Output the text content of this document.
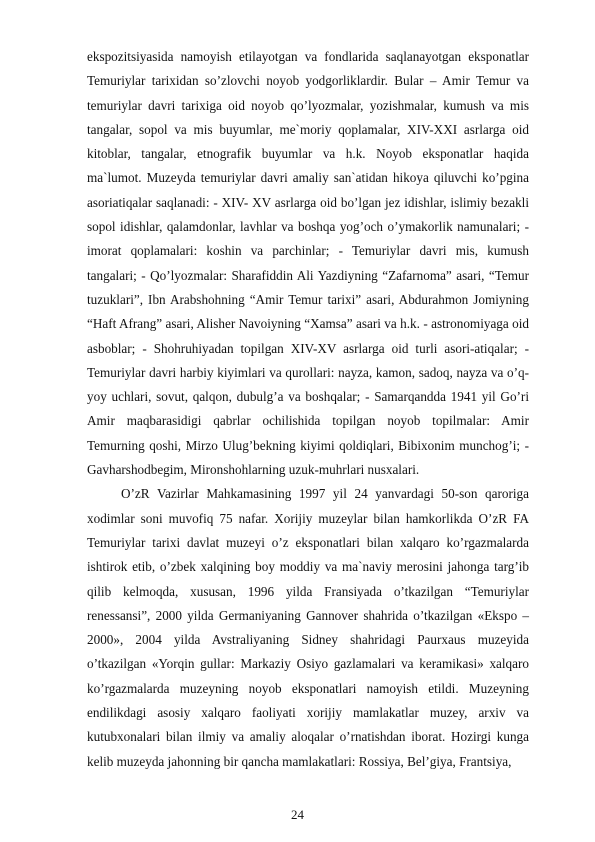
ekspozitsiyasida namoyish etilayotgan va fondlarida saqlanayotgan eksponatlar Temuriylar tarixidan so’zlovchi noyob yodgorliklardir. Bular – Amir Temur va temuriylar davri tarixiga oid noyob qo’lyozmalar, yozishmalar, kumush va mis tangalar, sopol va mis buyumlar, me`moriy qoplamalar, XIV-XXI asrlarga oid kitoblar, tangalar, etnografik buyumlar va h.k. Noyob eksponatlar haqida ma`lumot. Muzeyda temuriylar davri amaliy san`atidan hikoya qiluvchi ko’pgina asoriatiqalar saqlanadi: - XIV- XV asrlarga oid bo’lgan jez idishlar, islimiy bezakli sopol idishlar, qalamdonlar, lavhlar va boshqa yog’och o’ymakorlik namunalari; - imorat qoplamalari: koshin va parchinlar; - Temuriylar davri mis, kumush tangalari; - Qo’lyozmalar: Sharafiddin Ali Yazdiyning “Zafarnoma” asari, “Temur tuzuklari”, Ibn Arabshohning “Amir Temur tarixi” asari, Abdurahmon Jomiyning “Haft Afrang” asari, Alisher Navoiyning “Xamsa” asari va h.k. - astronomiyaga oid asboblar; - Shohruhiyadan topilgan XIV-XV asrlarga oid turli asori-atiqalar; - Temuriylar davri harbiy kiyimlari va qurollari: nayza, kamon, sadoq, nayza va o’q-yoy uchlari, sovut, qalqon, dubulg’a va boshqalar; - Samarqandda 1941 yil Go’ri Amir maqbarasidigi qabrlar ochilishida topilgan noyob topilmalar: Amir Temurning qoshi, Mirzo Ulug’bekning kiyimi qoldiqlari, Bibixonim munchog’i; - Gavharshodbegim, Mironshohlarning uzuk-muhrlari nusxalari.

O’zR Vazirlar Mahkamasining 1997 yil 24 yanvardagi 50-son qaroriga xodimlar soni muvofiq 75 nafar. Xorijiy muzeylar bilan hamkorlikda O’zR FA Temuriylar tarixi davlat muzeyi o’z eksponatlari bilan xalqaro ko’rgazmalarda ishtirok etib, o’zbek xalqining boy moddiy va ma`naviy merosini jahonga targ’ib qilib kelmoqda, xususan, 1996 yilda Fransiyada o’tkazilgan “Temuriylar renessansi”, 2000 yilda Germaniyaning Gannover shahrida o’tkazilgan «Ekspo – 2000», 2004 yilda Avstraliyaning Sidney shahridagi Paurxaus muzeyida o’tkazilgan «Yorqin gullar: Markaziy Osiyo gazlamalari va keramikasi» xalqaro ko’rgazmalarda muzeyning noyob eksponatlari namoyish etildi. Muzeyning endilikdagi asosiy xalqaro faoliyati xorijiy mamlakatlar muzey, arxiv va kutubxonalari bilan ilmiy va amaliy aloqalar o’rnatishdan iborat. Hozirgi kunga kelib muzeyda jahonning bir qancha mamlakatlari: Rossiya, Bel’giya, Frantsiya,

24
